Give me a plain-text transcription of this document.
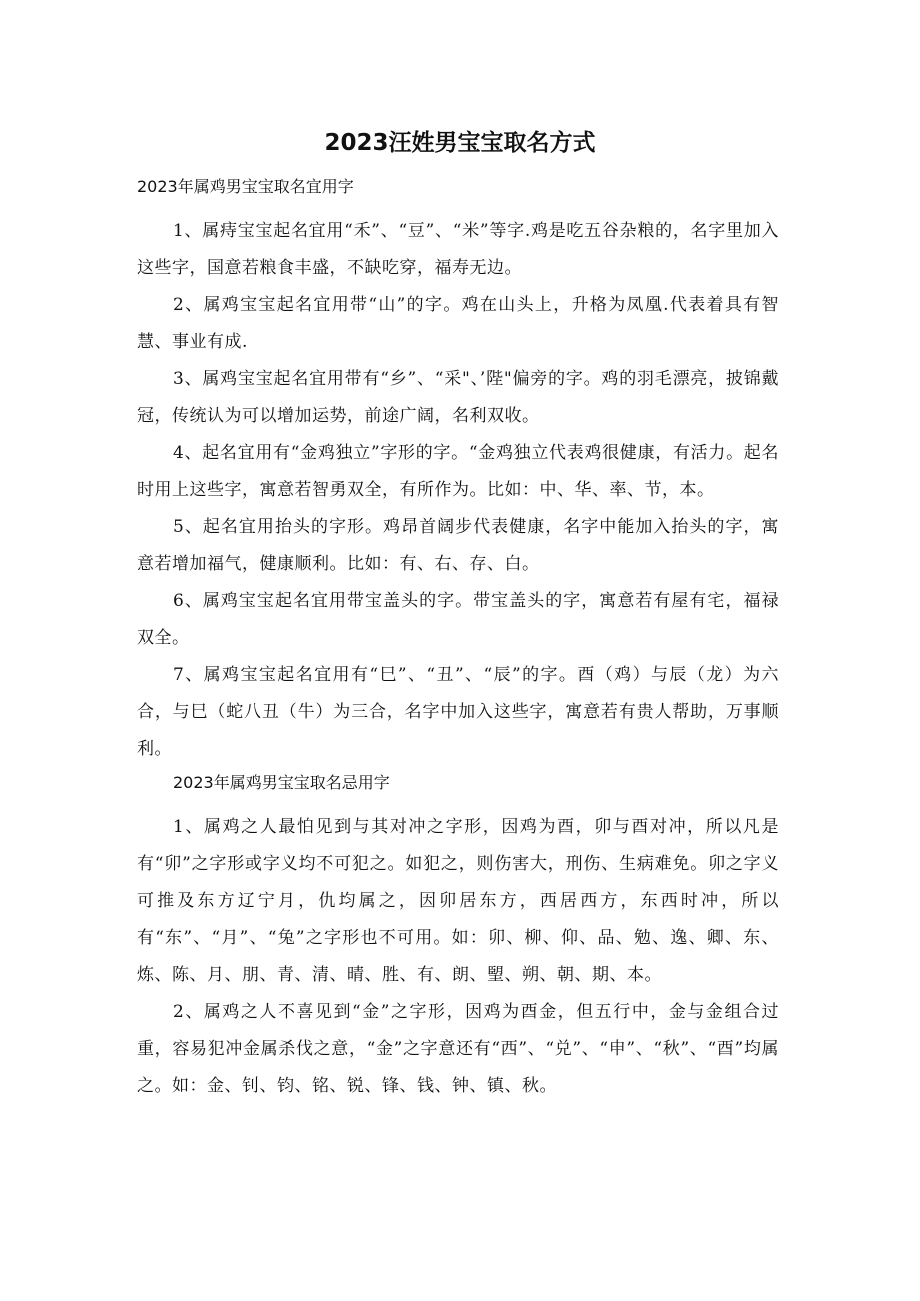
2023汪姓男宝宝取名方式

2023年属鸡男宝宝取名宜用字

1、属痔宝宝起名宜用“禾”、“豆”、“米”等字.鸡是吃五谷杂粮的，名字里加入这些字，国意若粮食丰盛，不缺吃穿，福寿无边。

2、属鸡宝宝起名宜用带“山”的字。鸡在山头上，升格为凤凰.代表着具有智慧、事业有成.

3、属鸡宝宝起名宜用带有“乡”、“采"、’陛"偏旁的字。鸡的羽毛漂亮，披锦戴冠，传统认为可以增加运势，前途广阔，名利双收。

4、起名宜用有“金鸡独立”字形的字。“金鸡独立代表鸡很健康，有活力。起名时用上这些字，寓意若智勇双全，有所作为。比如：中、华、率、节，本。

5、起名宜用抬头的字形。鸡昂首阔步代表健康，名字中能加入抬头的字，寓意若增加福气，健康顺利。比如：有、右、存、白。

6、属鸡宝宝起名宜用带宝盖头的字。带宝盖头的字，寓意若有屋有宅，福禄双全。

7、属鸡宝宝起名宜用有“巳”、“丑”、“辰”的字。酉（鸡）与辰（龙）为六合，与巳（蛇八丑（牛）为三合，名字中加入这些字，寓意若有贵人帮助，万事顺利。

2023年属鸡男宝宝取名忌用字

1、属鸡之人最怕见到与其对冲之字形，因鸡为酉，卯与酉对冲，所以凡是有“卯”之字形或字义均不可犯之。如犯之，则伤害大，刑伤、生病难免。卯之字义可推及东方辽宁月，仇均属之，因卯居东方，西居西方，东西时冲，所以有“东”、“月”、“兔”之字形也不可用。如：卯、柳、仰、品、勉、逸、卿、东、炼、陈、月、朋、青、清、晴、胜、有、朗、朢、朔、朝、期、本。

2、属鸡之人不喜见到“金”之字形，因鸡为酉金，但五行中，金与金组合过重，容易犯冲金属杀伐之意，“金”之字意还有“西”、“兑”、“申”、“秋”、“酉”均属之。如：金、钊、钧、铭、锐、锋、钱、钟、镇、秋。
